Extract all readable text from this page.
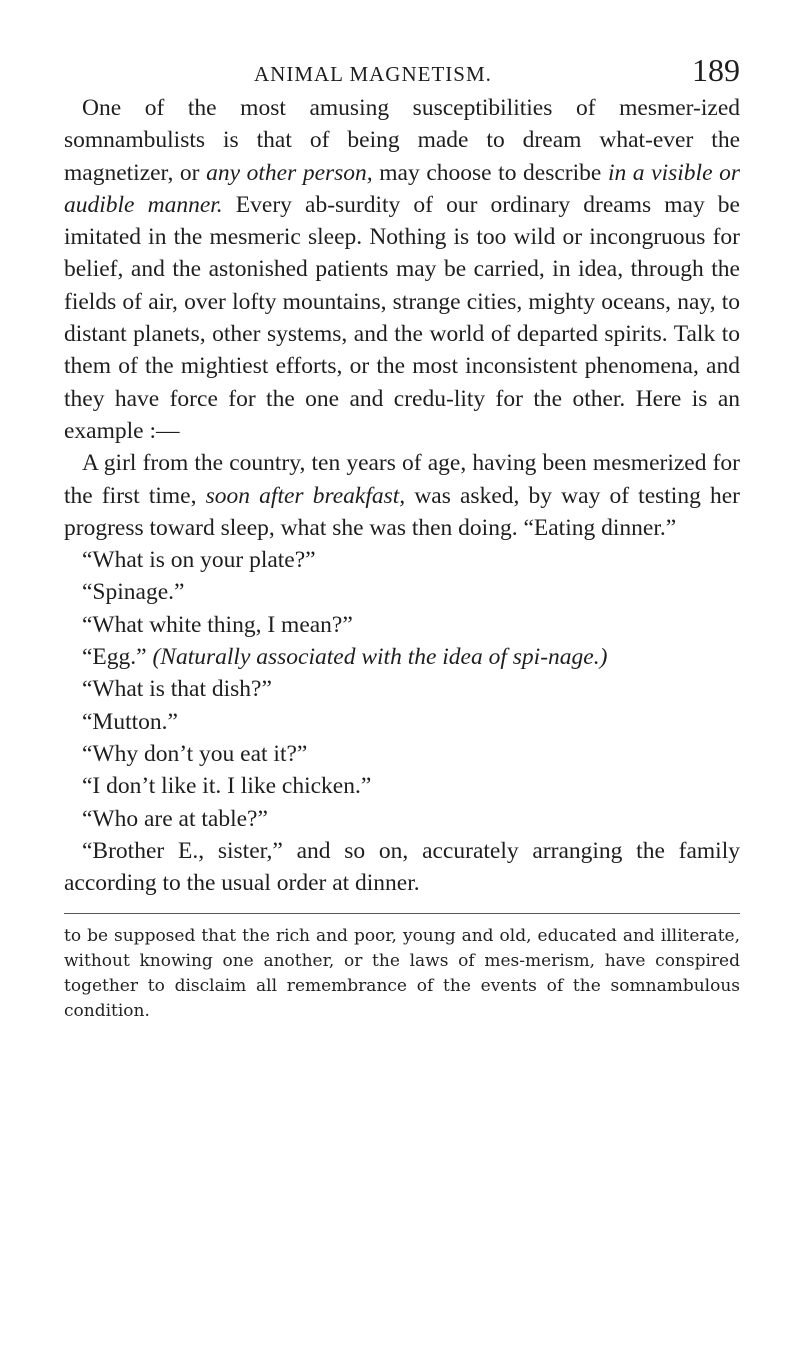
ANIMAL MAGNETISM.	189

One of the most amusing susceptibilities of mesmer-ized somnambulists is that of being made to dream what-ever the magnetizer, or any other person, may choose to describe in a visible or audible manner. Every ab-surdity of our ordinary dreams may be imitated in the mesmeric sleep. Nothing is too wild or incongruous for belief, and the astonished patients may be carried, in idea, through the fields of air, over lofty mountains, strange cities, mighty oceans, nay, to distant planets, other systems, and the world of departed spirits. Talk to them of the mightiest efforts, or the most inconsistent phenomena, and they have force for the one and credu-lity for the other. Here is an example :—

A girl from the country, ten years of age, having been mesmerized for the first time, soon after breakfast, was asked, by way of testing her progress toward sleep, what she was then doing. “Eating dinner.”

“What is on your plate?”

“Spinage.”

“What white thing, I mean?”

“Egg.” (Naturally associated with the idea of spi-nage.)

“What is that dish?”

“Mutton.”

“Why don’t you eat it?”

“I don’t like it. I like chicken.”

“Who are at table?”

“Brother E., sister,” and so on, accurately arranging the family according to the usual order at dinner.

to be supposed that the rich and poor, young and old, educated and illiterate, without knowing one another, or the laws of mes-merism, have conspired together to disclaim all remembrance of the events of the somnambulous condition.
